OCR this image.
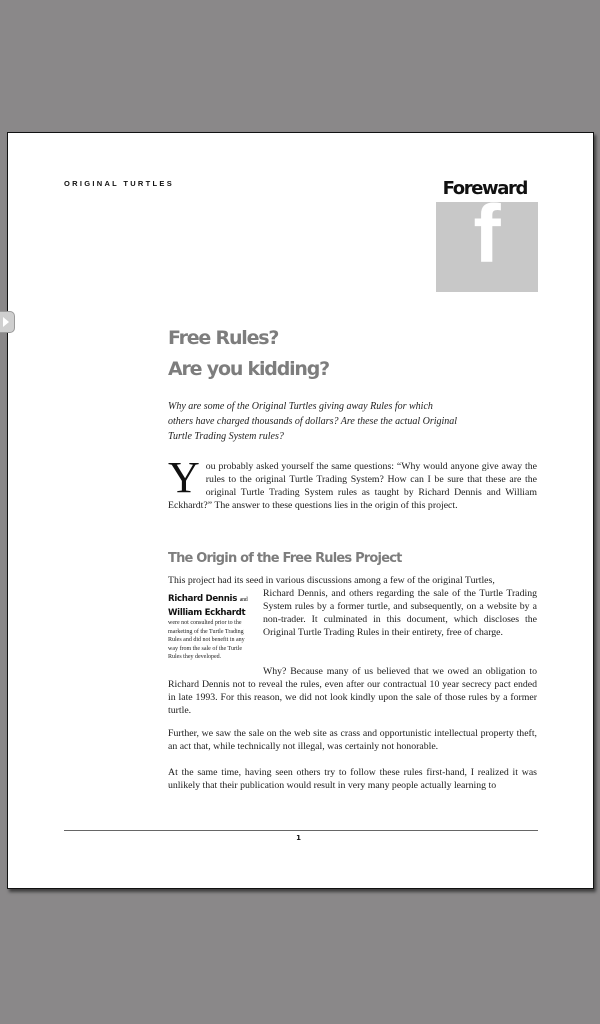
ORIGINAL TURTLES	Foreward
f
Free Rules?
Are you kidding?
Why are some of the Original Turtles giving away Rules for which others have charged thousands of dollars? Are these the actual Original Turtle Trading System rules?
You probably asked yourself the same questions: “Why would anyone give away the rules to the original Turtle Trading System? How can I be sure that these are the original Turtle Trading System rules as taught by Richard Dennis and William Eckhardt?” The answer to these questions lies in the origin of this project.
The Origin of the Free Rules Project
This project had its seed in various discussions among a few of the original Turtles,
Richard Dennis, and others regarding the sale of the Turtle Trading System rules by a former turtle, and subsequently, on a website by a non-trader. It culminated in this document, which discloses the Original Turtle Trading Rules in their entirety, free of charge.
Why? Because many of us believed that we owed an obligation to Richard Dennis not to reveal the rules, even after our contractual 10 year secrecy pact ended in late 1993. For this reason, we did not look kindly upon the sale of those rules by a former turtle.
Richard Dennis and
William Eckhardt
were not consulted prior to the marketing of the Turtle Trading Rules and did not benefit in any way from the sale of the Turtle Rules they developed.
Further, we saw the sale on the web site as crass and opportunistic intellectual property theft, an act that, while technically not illegal, was certainly not honorable.
At the same time, having seen others try to follow these rules first-hand, I realized it was unlikely that their publication would result in very many people actually learning to
1
